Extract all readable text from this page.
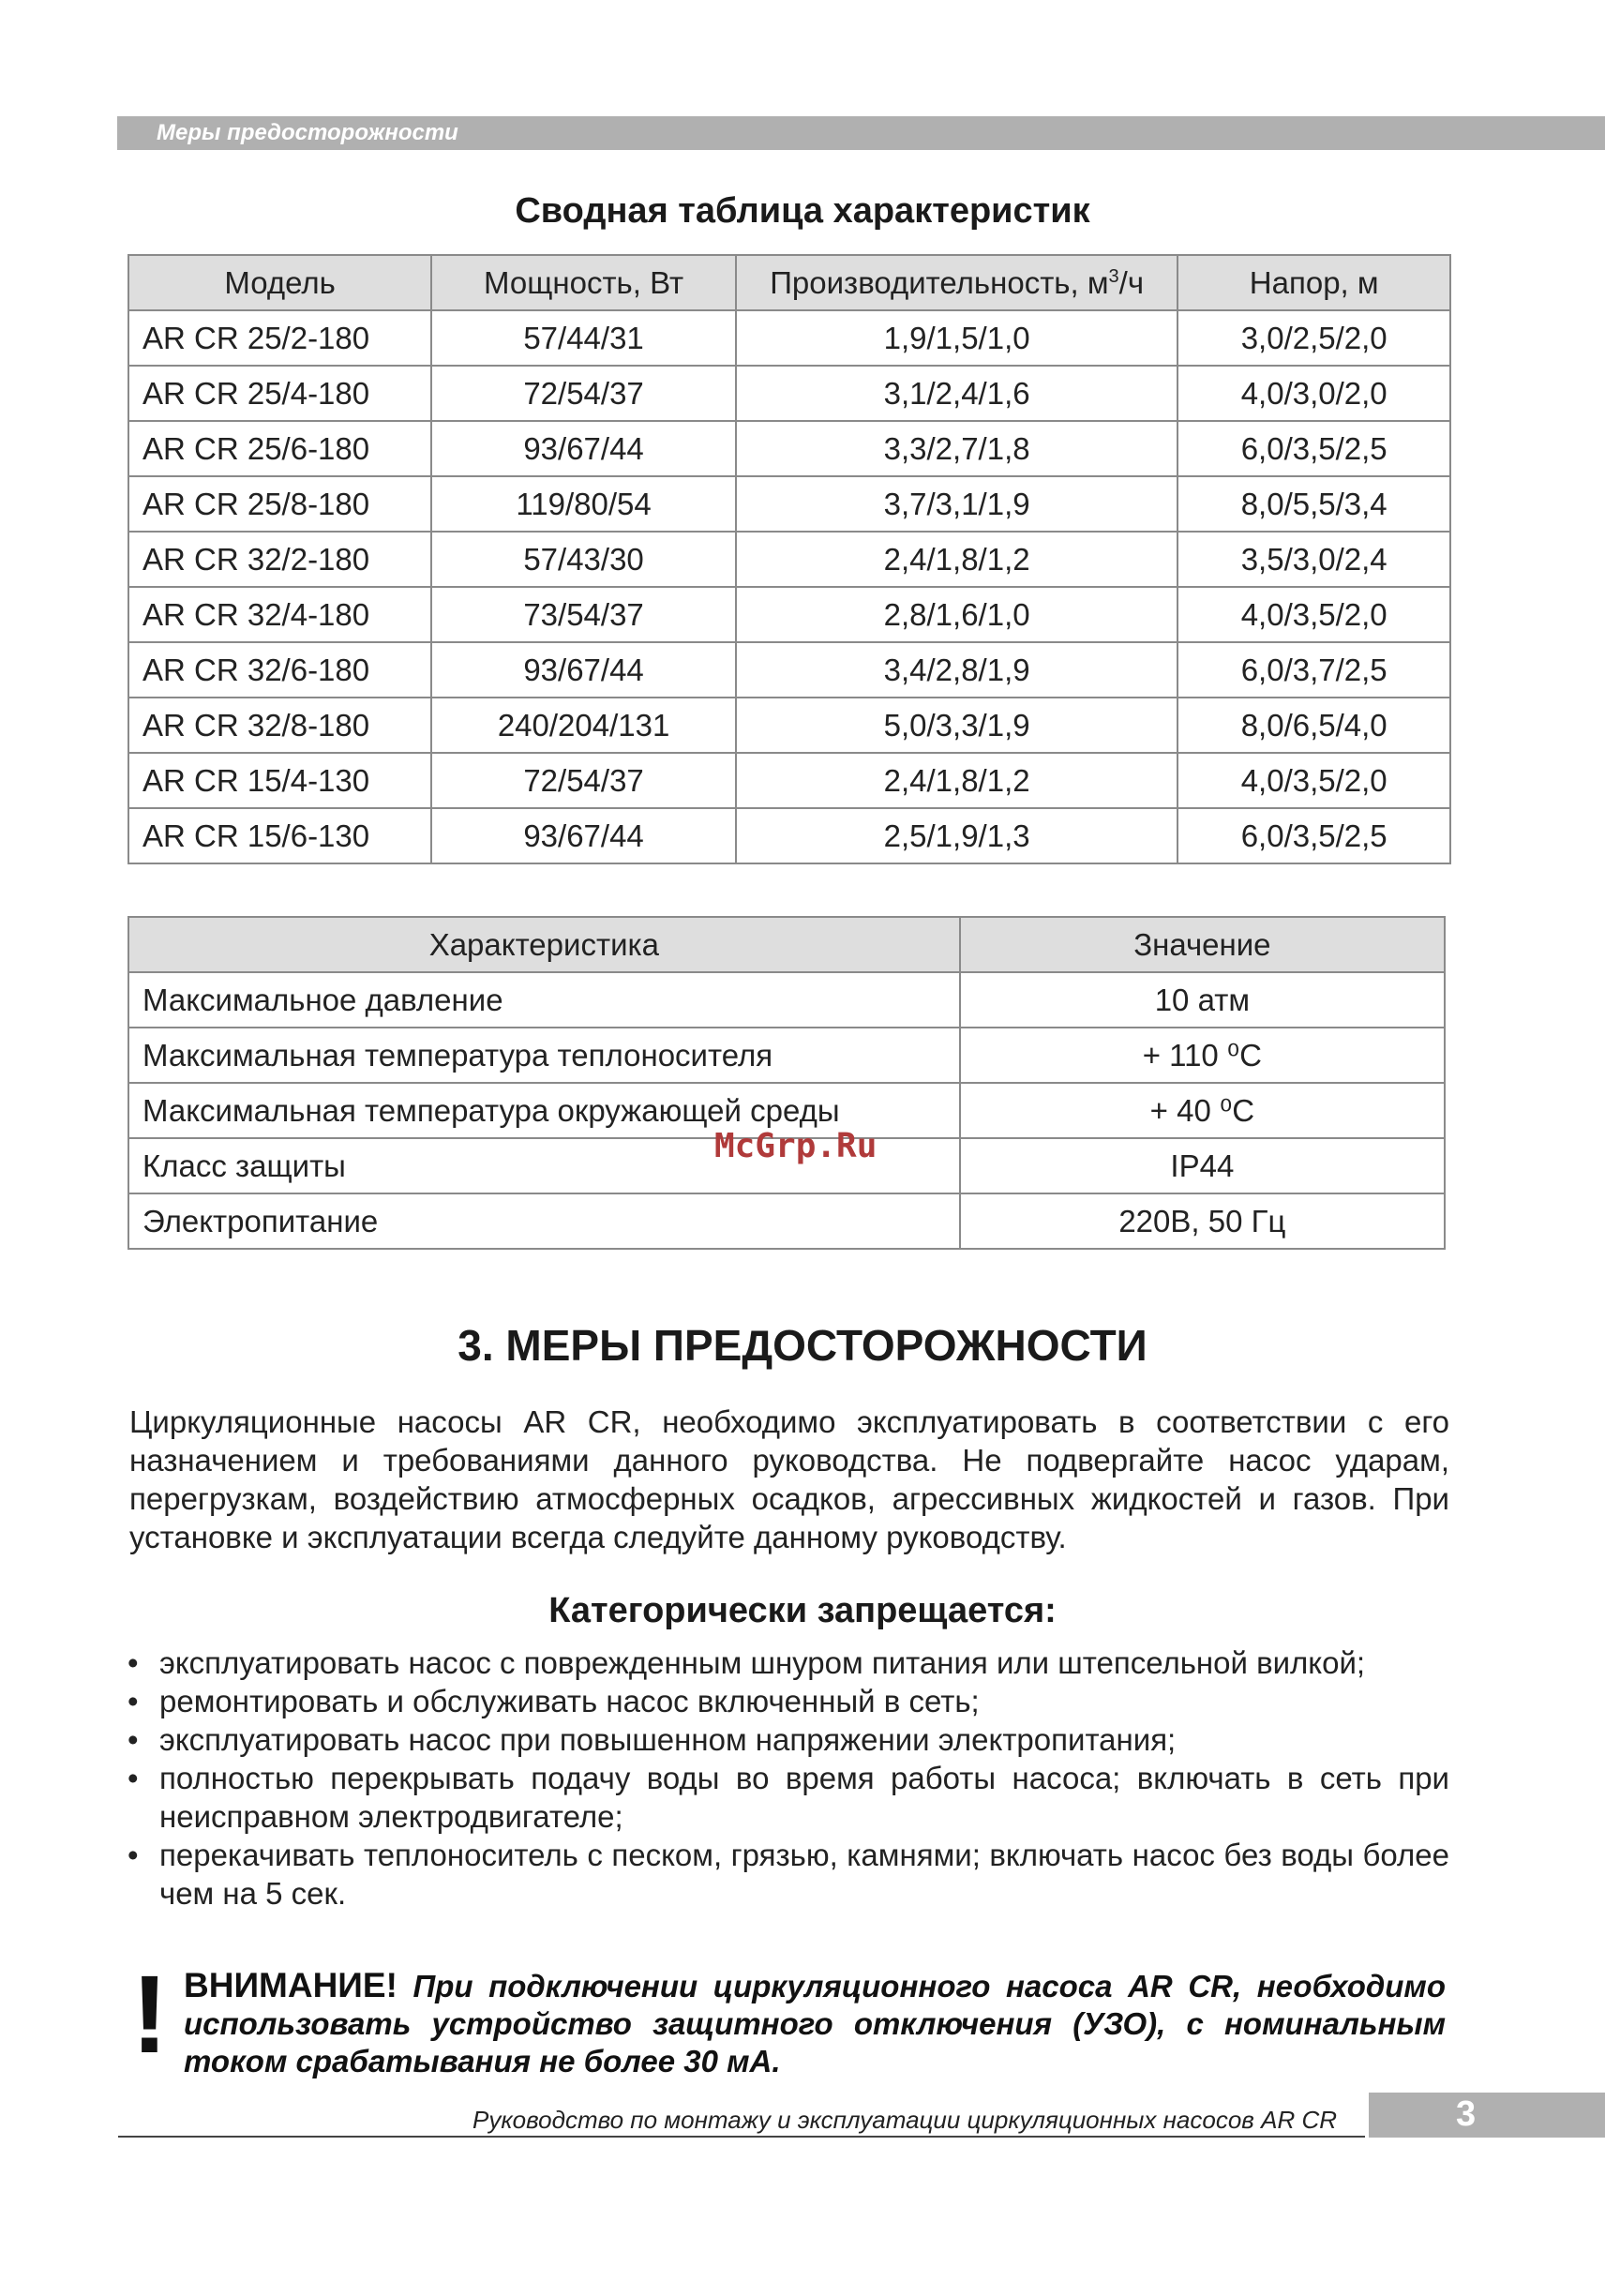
Меры предосторожности
Сводная таблица характеристик
Модель	Мощность, Вт	Производительность, $м^3/ч$	Напор, м
AR CR 25/2-180	57/44/31	1,9/1,5/1,0	3,0/2,5/2,0
AR CR 25/4-180	72/54/37	3,1/2,4/1,6	4,0/3,0/2,0
AR CR 25/6-180	93/67/44	3,3/2,7/1,8	6,0/3,5/2,5
AR CR 25/8-180	119/80/54	3,7/3,1/1,9	8,0/5,5/3,4
AR CR 32/2-180	57/43/30	2,4/1,8/1,2	3,5/3,0/2,4
AR CR 32/4-180	73/54/37	2,8/1,6/1,0	4,0/3,5/2,0
AR CR 32/6-180	93/67/44	3,4/2,8/1,9	6,0/3,7/2,5
AR CR 32/8-180	240/204/131	5,0/3,3/1,9	8,0/6,5/4,0
AR CR 15/4-130	72/54/37	2,4/1,8/1,2	4,0/3,5/2,0
AR CR 15/6-130	93/67/44	2,5/1,9/1,3	6,0/3,5/2,5
Характеристика	Значение
Максимальное давление	10 атм
Максимальная температура теплоносителя	+ 110 ⁰С
Максимальная температура окружающей среды	+ 40 ⁰С
Класс защиты	IP44
Электропитание	220В, 50 Гц
McGrp.Ru
3. МЕРЫ ПРЕДОСТОРОЖНОСТИ
Циркуляционные насосы AR CR, необходимо эксплуатировать в соответствии с его назначением и требованиями данного руководства. Не подвергайте насос ударам, перегрузкам, воздействию атмосферных осадков, агрессивных жидкостей и газов. При установке и эксплуатации всегда следуйте данному руководству.
Категорически запрещается:
• эксплуатировать насос с поврежденным шнуром питания или штепсельной вилкой;
• ремонтировать и обслуживать насос включенный в сеть;
• эксплуатировать насос при повышенном напряжении электропитания;
• полностью перекрывать подачу воды во время работы насоса; включать в сеть при неисправном электродвигателе;
• перекачивать теплоноситель с песком, грязью, камнями; включать насос без воды более чем на 5 сек.
! ВНИМАНИЕ! При подключении циркуляционного насоса AR CR, необходимо использовать устройство защитного отключения (УЗО), с номинальным током срабатывания не более 30 мА.
Руководство по монтажу и эксплуатации циркуляционных насосов AR CR	3
